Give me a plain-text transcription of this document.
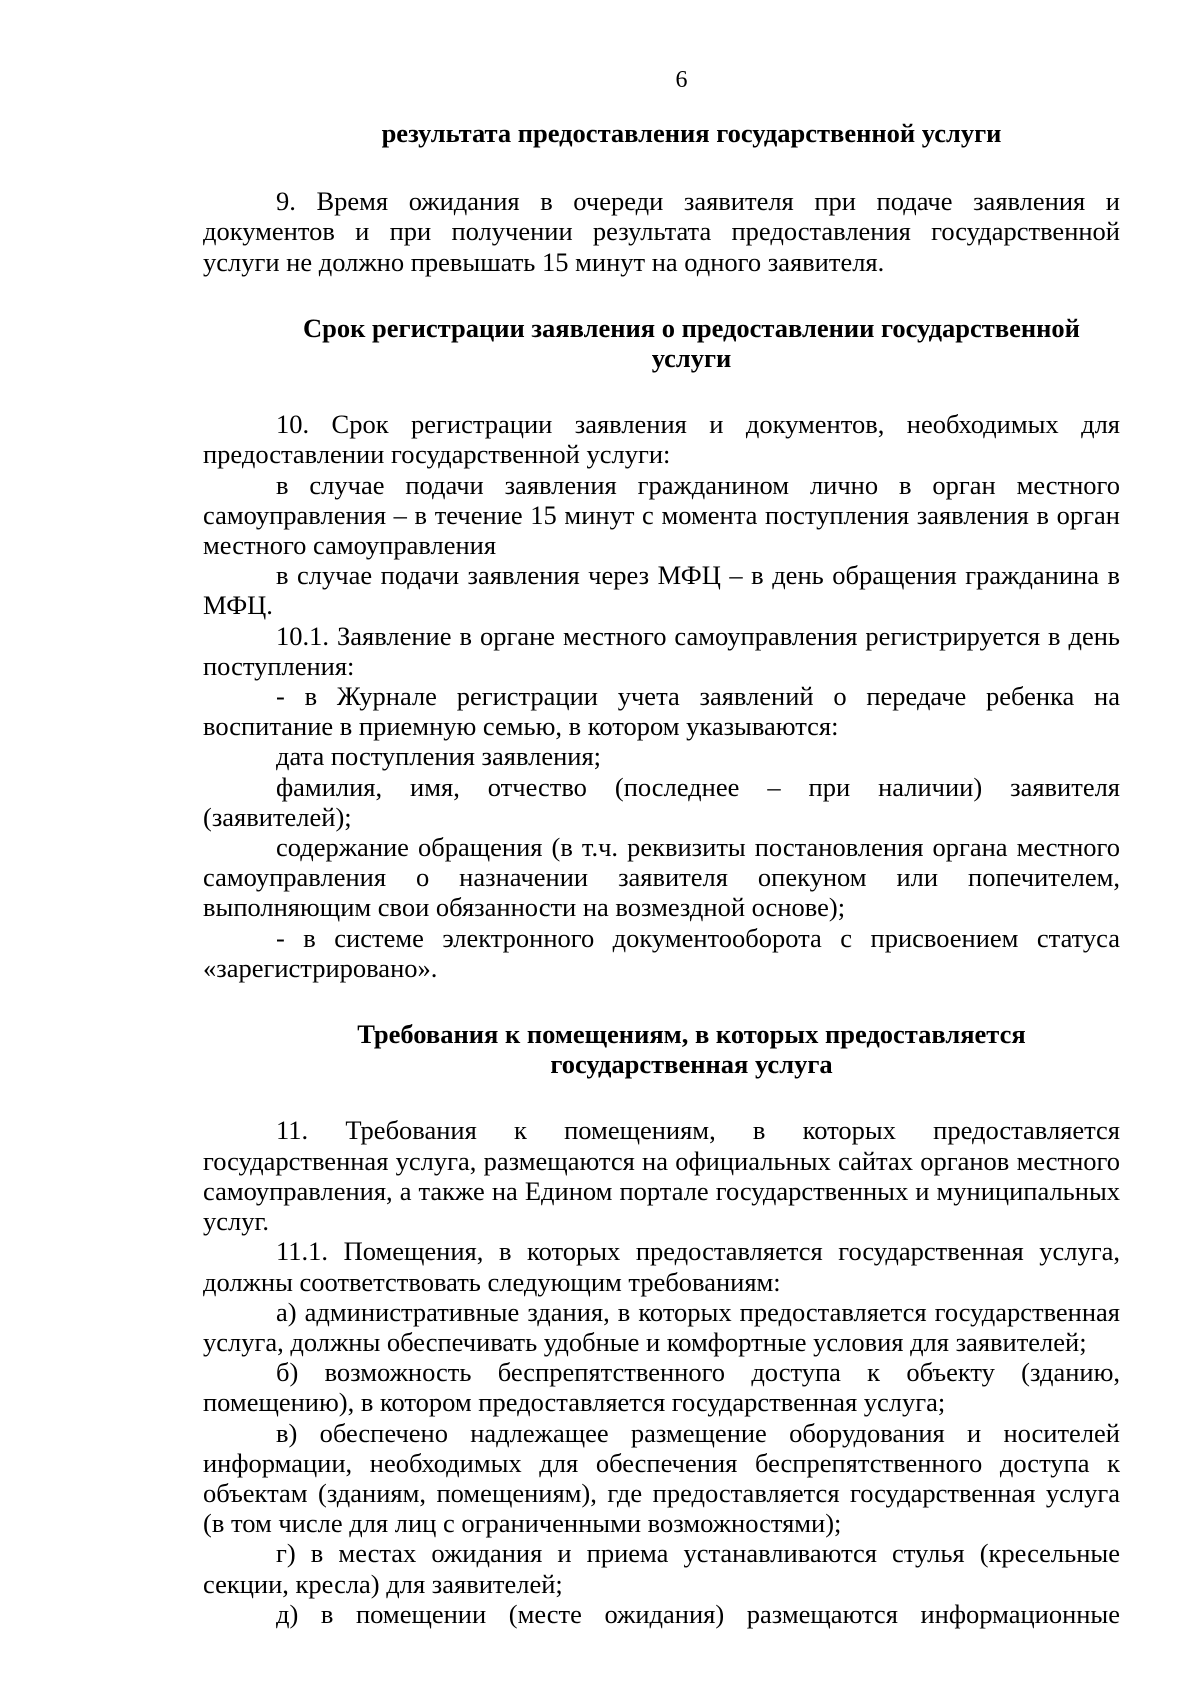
6
результата предоставления государственной услуги

9. Время ожидания в очереди заявителя при подаче заявления и документов и при получении результата предоставления государственной услуги не должно превышать 15 минут на одного заявителя.

Срок регистрации заявления о предоставлении государственной
услуги

10. Срок регистрации заявления и документов, необходимых для предоставлении государственной услуги:

в случае подачи заявления гражданином лично в орган местного самоуправления – в течение 15 минут с момента поступления заявления в орган местного самоуправления

в случае подачи заявления через МФЦ – в день обращения гражданина в МФЦ.

10.1. Заявление в органе местного самоуправления регистрируется в день поступления:

- в Журнале регистрации учета заявлений о передаче ребенка на воспитание в приемную семью, в котором указываются:

дата поступления заявления;

фамилия, имя, отчество (последнее – при наличии) заявителя (заявителей);

содержание обращения (в т.ч. реквизиты постановления органа местного самоуправления о назначении заявителя опекуном или попечителем, выполняющим свои обязанности на возмездной основе);

- в системе электронного документооборота с присвоением статуса «зарегистрировано».

Требования к помещениям, в которых предоставляется
государственная услуга

11. Требования к помещениям, в которых предоставляется государственная услуга, размещаются на официальных сайтах органов местного самоуправления, а также на Едином портале государственных и муниципальных услуг.

11.1. Помещения, в которых предоставляется государственная услуга, должны соответствовать следующим требованиям:

а) административные здания, в которых предоставляется государственная услуга, должны обеспечивать удобные и комфортные условия для заявителей;

б) возможность беспрепятственного доступа к объекту (зданию, помещению), в котором предоставляется государственная услуга;

в) обеспечено надлежащее размещение оборудования и носителей информации, необходимых для обеспечения беспрепятственного доступа к объектам (зданиям, помещениям), где предоставляется государственная услуга (в том числе для лиц с ограниченными возможностями);

г) в местах ожидания и приема устанавливаются стулья (кресельные секции, кресла) для заявителей;

д) в помещении (месте ожидания) размещаются информационные
